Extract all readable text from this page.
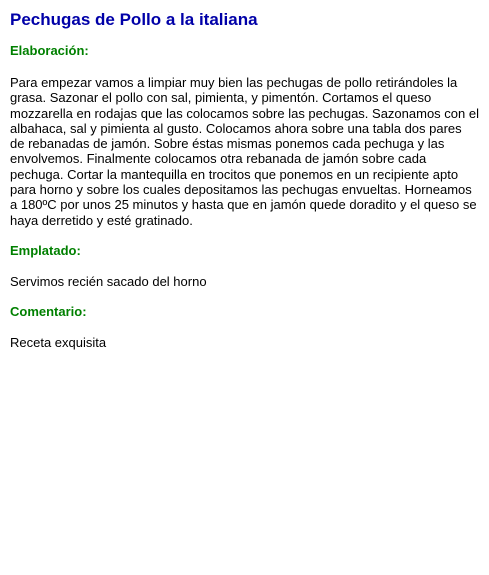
Pechugas de Pollo a la italiana
Elaboración:

Para empezar vamos a limpiar muy bien las pechugas de pollo retirándoles la grasa. Sazonar el pollo con sal, pimienta, y pimentón. Cortamos el queso mozzarella en rodajas que las colocamos sobre las pechugas. Sazonamos con el albahaca, sal y pimienta al gusto. Colocamos ahora sobre una tabla dos pares de rebanadas de jamón. Sobre éstas mismas ponemos cada pechuga y las envolvemos. Finalmente colocamos otra rebanada de jamón sobre cada pechuga. Cortar la mantequilla en trocitos que ponemos en un recipiente apto para horno y sobre los cuales depositamos las pechugas envueltas. Horneamos a 180ºC por unos 25 minutos y hasta que en jamón quede doradito y el queso se haya derretido y esté gratinado.

Emplatado:

Servimos recién sacado del horno

Comentario:

Receta exquisita
